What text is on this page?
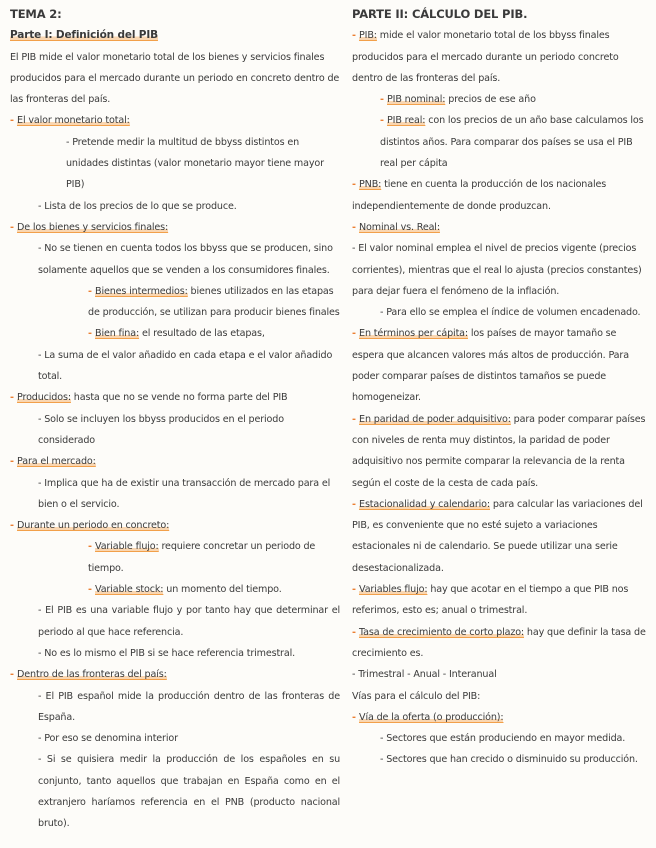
TEMA 2:

Parte I: Definición del PIB

El PIB mide el valor monetario total de los bienes y servicios finales producidos para el mercado durante un periodo en concreto dentro de las fronteras del país.

- El valor monetario total:

- Pretende medir la multitud de bbyss distintos en unidades distintas (valor monetario mayor tiene mayor PIB)

- Lista de los precios de lo que se produce.

- De los bienes y servicios finales:

- No se tienen en cuenta todos los bbyss que se producen, sino solamente aquellos que se venden a los consumidores finales.

- Bienes intermedios: bienes utilizados en las etapas de producción, se utilizan para producir bienes finales

- Bien fina: el resultado de las etapas,

- La suma de el valor añadido en cada etapa e el valor añadido total.

- Producidos: hasta que no se vende no forma parte del PIB

- Solo se incluyen los bbyss producidos en el periodo considerado

- Para el mercado:

- Implica que ha de existir una transacción de mercado para el bien o el servicio.

- Durante un periodo en concreto:

- Variable flujo: requiere concretar un periodo de tiempo.

- Variable stock: un momento del tiempo.

- El PIB es una variable flujo y por tanto hay que determinar el periodo al que hace referencia.

- No es lo mismo el PIB si se hace referencia trimestral.

- Dentro de las fronteras del país:

- El PIB español mide la producción dentro de las fronteras de España.

- Por eso se denomina interior

- Si se quisiera medir la producción de los españoles en su conjunto, tanto aquellos que trabajan en España como en el extranjero haríamos referencia en el PNB (producto nacional bruto).

PARTE II: CÁLCULO DEL PIB.

- PIB: mide el valor monetario total de los bbyss finales producidos para el mercado durante un periodo concreto dentro de las fronteras del país.

- PIB nominal: precios de ese año

- PIB real: con los precios de un año base calculamos los distintos años. Para comparar dos países se usa el PIB real per cápita

- PNB: tiene en cuenta la producción de los nacionales independientemente de donde produzcan.

- Nominal vs. Real:

- El valor nominal emplea el nivel de precios vigente (precios corrientes), mientras que el real lo ajusta (precios constantes) para dejar fuera el fenómeno de la inflación.

- Para ello se emplea el índice de volumen encadenado.

- En términos per cápita: los países de mayor tamaño se espera que alcancen valores más altos de producción. Para poder comparar países de distintos tamaños se puede homogeneizar.

- En paridad de poder adquisitivo: para poder comparar países con niveles de renta muy distintos, la paridad de poder adquisitivo nos permite comparar la relevancia de la renta según el coste de la cesta de cada país.

- Estacionalidad y calendario: para calcular las variaciones del PIB, es conveniente que no esté sujeto a variaciones estacionales ni de calendario. Se puede utilizar una serie desestacionalizada.

- Variables flujo: hay que acotar en el tiempo a que PIB nos referimos, esto es; anual o trimestral.

- Tasa de crecimiento de corto plazo: hay que definir la tasa de crecimiento es.

- Trimestral - Anual - Interanual

Vías para el cálculo del PIB:

- Vía de la oferta (o producción):

- Sectores que están produciendo en mayor medida.

- Sectores que han crecido o disminuido su producción.
